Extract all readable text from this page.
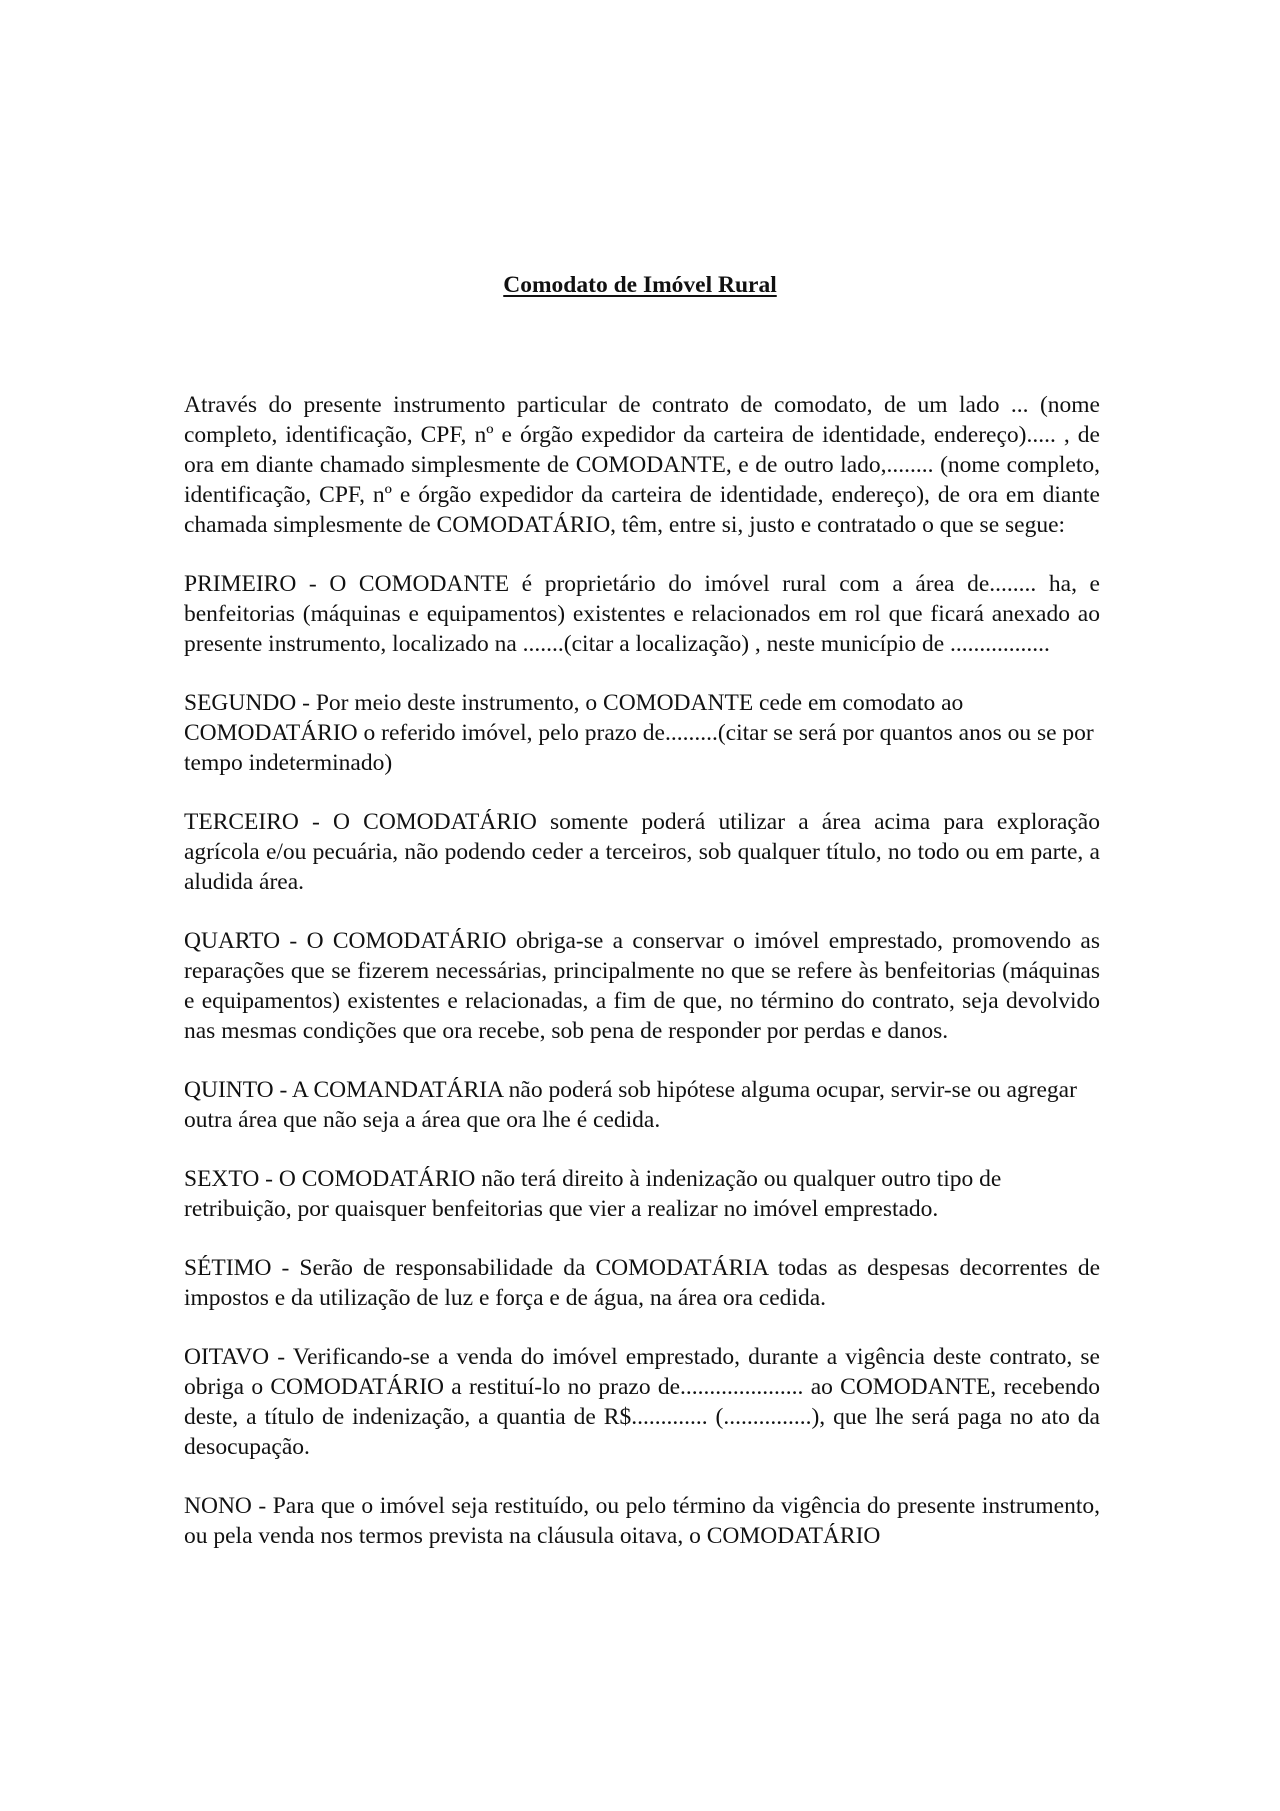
Comodato de Imóvel Rural

Através do presente instrumento particular de contrato de comodato, de um lado ... (nome completo, identificação, CPF, nº e órgão expedidor da carteira de identidade, endereço)..... , de ora em diante chamado simplesmente de COMODANTE, e de outro lado,........ (nome completo, identificação, CPF, nº e órgão expedidor da carteira de identidade, endereço), de ora em diante chamada simplesmente de COMODATÁRIO, têm, entre si, justo e contratado o que se segue:

PRIMEIRO - O COMODANTE é proprietário do imóvel rural com a área de........ ha, e benfeitorias (máquinas e equipamentos) existentes e relacionados em rol que ficará anexado ao presente instrumento, localizado na .......(citar a localização) , neste município de .................

SEGUNDO - Por meio deste instrumento, o COMODANTE cede em comodato ao COMODATÁRIO o referido imóvel, pelo prazo de.........(citar se será por quantos anos ou se por tempo indeterminado)

TERCEIRO - O COMODATÁRIO somente poderá utilizar a área acima para exploração agrícola e/ou pecuária, não podendo ceder a terceiros, sob qualquer título, no todo ou em parte, a aludida área.

QUARTO - O COMODATÁRIO obriga-se a conservar o imóvel emprestado, promovendo as reparações que se fizerem necessárias, principalmente no que se refere às benfeitorias (máquinas e equipamentos) existentes e relacionadas, a fim de que, no término do contrato, seja devolvido nas mesmas condições que ora recebe, sob pena de responder por perdas e danos.

QUINTO - A COMANDATÁRIA não poderá sob hipótese alguma ocupar, servir-se ou agregar outra área que não seja a área que ora lhe é cedida.

SEXTO - O COMODATÁRIO não terá direito à indenização ou qualquer outro tipo de retribuição, por quaisquer benfeitorias que vier a realizar no imóvel emprestado.

SÉTIMO - Serão de responsabilidade da COMODATÁRIA todas as despesas decorrentes de impostos e da utilização de luz e força e de água, na área ora cedida.

OITAVO - Verificando-se a venda do imóvel emprestado, durante a vigência deste contrato, se obriga o COMODATÁRIO a restituí-lo no prazo de..................... ao COMODANTE, recebendo deste, a título de indenização, a quantia de R$............. (...............), que lhe será paga no ato da desocupação.

NONO - Para que o imóvel seja restituído, ou pelo término da vigência do presente instrumento, ou pela venda nos termos prevista na cláusula oitava, o COMODATÁRIO
